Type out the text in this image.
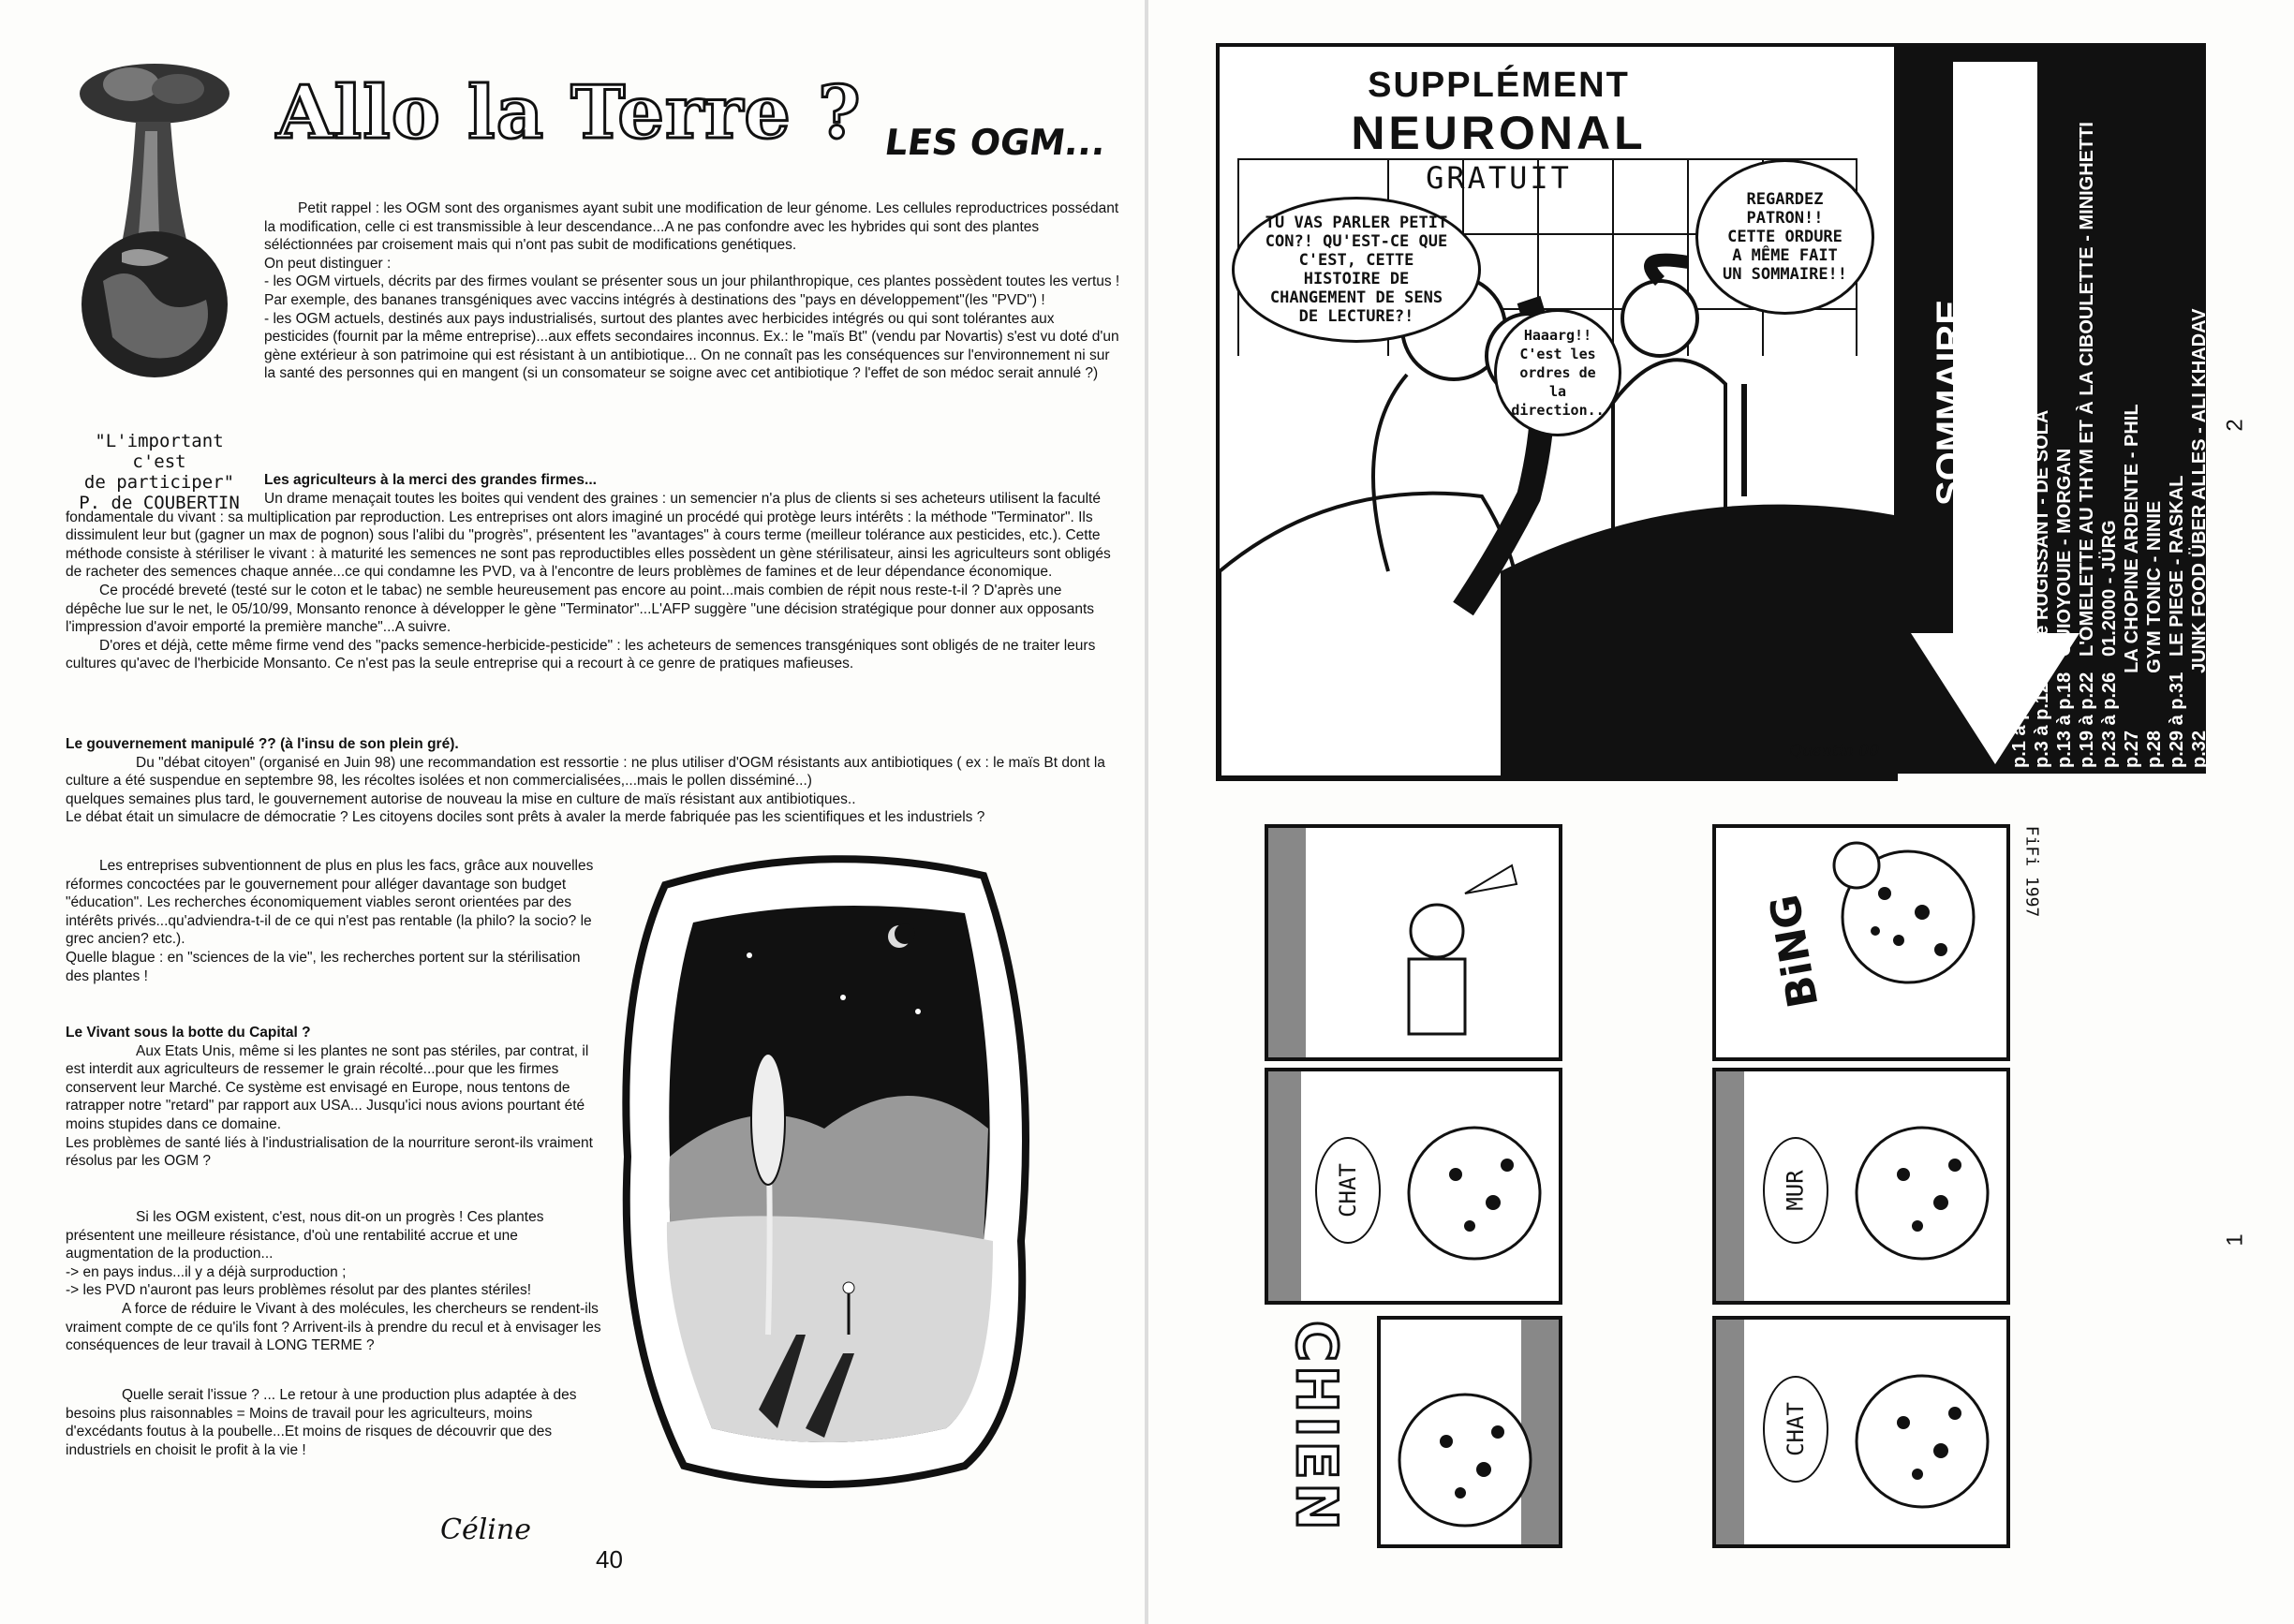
"L'important c'est
de participer"
P. de COUBERTIN
Allo la Terre ? LES OGM...

Petit rappel : les OGM sont des organismes ayant subit une modification de leur génome. Les cellules reproductrices possédant la modification, celle ci est transmissible à leur descendance...A ne pas confondre avec les hybrides qui sont des plantes séléctionnées par croisement mais qui n'ont pas subit de modifications genétiques.

On peut distinguer :

- les OGM virtuels, décrits par des firmes voulant se présenter sous un jour philanthropique, ces plantes possèdent toutes les vertus ! Par exemple, des bananes transgéniques avec vaccins intégrés à destinations des "pays en développement"(les "PVD") !

- les OGM actuels, destinés aux pays industrialisés, surtout des plantes avec herbicides intégrés ou qui sont tolérantes aux pesticides (fournit par la même entreprise)...aux effets secondaires inconnus. Ex.: le "maïs Bt" (vendu par Novartis) s'est vu doté d'un gène extérieur à son patrimoine qui est résistant à un antibiotique... On ne connaît pas les conséquences sur l'environnement ni sur la santé des personnes qui en mangent (si un consomateur se soigne avec cet antibiotique ? l'effet de son médoc serait annulé ?)

Les agriculteurs à la merci des grandes firmes...

Un drame menaçait toutes les boites qui vendent des graines : un semencier n'a plus de clients si ses acheteurs utilisent la faculté fondamentale du vivant : sa multiplication par reproduction. Les entreprises ont alors imaginé un procédé qui protège leurs intérêts : la méthode "Terminator". Ils dissimulent leur but (gagner un max de pognon) sous l'alibi du "progrès", présentent les "avantages" à cours terme (meilleur tolérance aux pesticides, etc.). Cette méthode consiste à stériliser le vivant : à maturité les semences ne sont pas reproductibles elles possèdent un gène stérilisateur, ainsi les agriculteurs sont obligés de racheter des semences chaque année...ce qui condamne les PVD, va à l'encontre de leurs problèmes de famines et de leur dépendance économique.

Ce procédé breveté (testé sur le coton et le tabac) ne semble heureusement pas encore au point...mais combien de répit nous reste-t-il ? D'après une dépêche lue sur le net, le 05/10/99, Monsanto renonce à développer le gène "Terminator"...L'AFP suggère "une décision stratégique pour donner aux opposants l'impression d'avoir emporté la première manche"...A suivre.

D'ores et déjà, cette même firme vend des "packs semence-herbicide-pesticide" : les acheteurs de semences transgéniques sont obligés de ne traiter leurs cultures qu'avec de l'herbicide Monsanto. Ce n'est pas la seule entreprise qui a recourt à ce genre de pratiques mafieuses.

Le gouvernement manipulé ?? (à l'insu de son plein gré).

Du "débat citoyen" (organisé en Juin 98) une recommandation est ressortie : ne plus utiliser d'OGM résistants aux antibiotiques ( ex : le maïs Bt dont la culture a été suspendue en septembre 98, les récoltes isolées et non commercialisées,...mais le pollen disséminé...)

quelques semaines plus tard, le gouvernement autorise de nouveau la mise en culture de maïs résistant aux antibiotiques..

Le débat était un simulacre de démocratie ? Les citoyens dociles sont prêts à avaler la merde fabriquée pas les scientifiques et les industriels ?

Les entreprises subventionnent de plus en plus les facs, grâce aux nouvelles réformes concoctées par le gouvernement pour alléger davantage son budget "éducation". Les recherches économiquement viables seront orientées par des intérêts privés...qu'adviendra-t-il de ce qui n'est pas rentable (la philo? la socio? le grec ancien? etc.).

Quelle blague : en "sciences de la vie", les recherches portent sur la stérilisation des plantes !

Le Vivant sous la botte du Capital ?

Aux Etats Unis, même si les plantes ne sont pas stériles, par contrat, il est interdit aux agriculteurs de ressemer le grain récolté...pour que les firmes conservent leur Marché. Ce système est envisagé en Europe, nous tentons de ratrapper notre "retard" par rapport aux USA... Jusqu'ici nous avions pourtant été moins stupides dans ce domaine.

Les problèmes de santé liés à l'industrialisation de la nourriture seront-ils vraiment résolus par les OGM ?

Si les OGM existent, c'est, nous dit-on un progrès ! Ces plantes présentent une meilleure résistance, d'où une rentabilité accrue et une augmentation de la production...

-> en pays indus...il y a déjà surproduction ;

-> les PVD n'auront pas leurs problèmes résolut par des plantes stériles!

A force de réduire le Vivant à des molécules, les chercheurs se rendent-ils vraiment compte de ce qu'ils font ? Arrivent-ils à prendre du recul et à envisager les conséquences de leur travail à LONG TERME ?

Quelle serait l'issue ? ... Le retour à une production plus adaptée à des besoins plus raisonnables = Moins de travail pour les agriculteurs, moins d'excédants foutus à la poubelle...Et moins de risques de découvrir que des industriels en choisit le profit à la vie !

Céline
40
SUPPLÉMENT
NEURONAL
GRATUIT
TU VAS PARLER PETIT CON?! QU'EST-CE QUE C'EST, CETTE HISTOIRE DE CHANGEMENT DE SENS DE LECTURE?!
Haaarg!! C'est les ordres de la direction..
REGARDEZ PATRON!! CETTE ORDURE A MÊME FAIT UN SOMMAIRE!!
Quentin 00
SOMMAIRE
p.1 à p.12       CHIEN - FIFI
p.3 à p.12     40e RUGISSANT - DE SOLA
p.13 à p.18   OUIOYOUIE - MORGAN
p.19 à p.22   L'OMELETTE AU THYM ET À LA CIBOULETTE - MINIGHETTI
p.23 à p.26   01.2000 - JÜRG
p.27           LA CHOPINE ARDENTE - PHIL
p.28           GYM TONIC - NINIE
p.29 à p.31   LE PIEGE - RASKAL
p.32           JUNK FOOD ÜBER ALLES - ALI KHADAV 2
1
BiNG
FiFi 1997
CHAT	MUR
CHAT
CHIEN
